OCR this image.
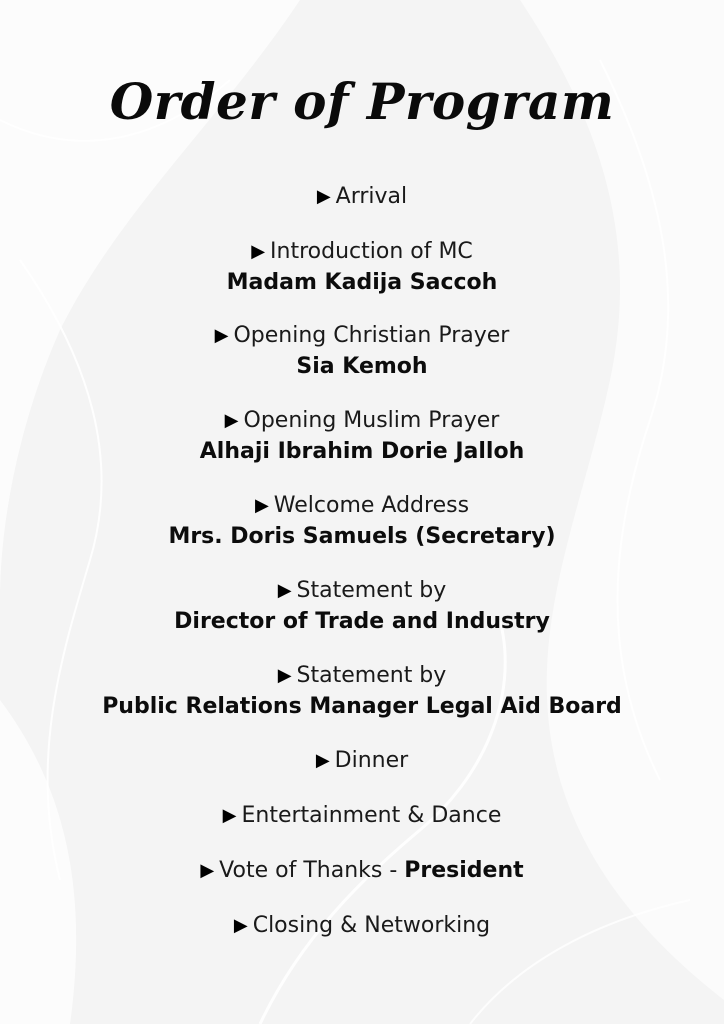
Order of Program
▶ Arrival
▶ Introduction of MC
Madam Kadija Saccoh
▶ Opening Christian Prayer
Sia Kemoh
▶ Opening Muslim Prayer
Alhaji Ibrahim Dorie Jalloh
▶ Welcome Address
Mrs. Doris Samuels (Secretary)
▶ Statement by
Director of Trade and Industry
▶ Statement by
Public Relations Manager Legal Aid Board
▶ Dinner
▶ Entertainment & Dance
▶ Vote of Thanks - President
▶ Closing & Networking
